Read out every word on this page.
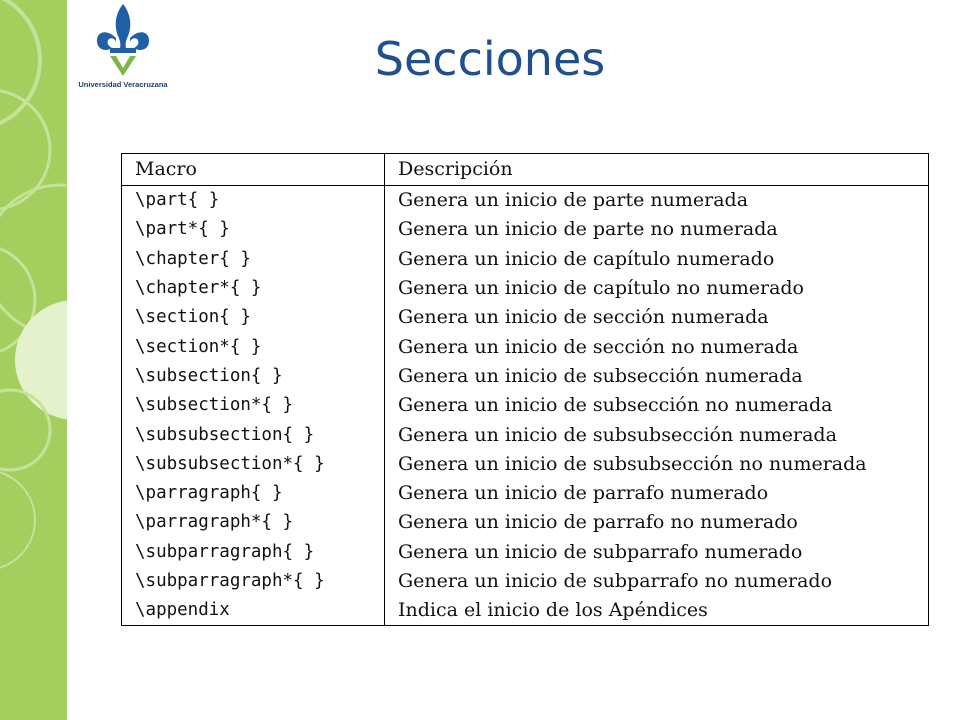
Universidad Veracruzana	Secciones
Macro	Descripción
\part{ }	Genera un inicio de parte numerada
\part*{ }	Genera un inicio de parte no numerada
\chapter{ }	Genera un inicio de capítulo numerado
\chapter*{ }	Genera un inicio de capítulo no numerado
\section{ }	Genera un inicio de sección numerada
\section*{ }	Genera un inicio de sección no numerada
\subsection{ }	Genera un inicio de subsección numerada
\subsection*{ }	Genera un inicio de subsección no numerada
\subsubsection{ }	Genera un inicio de subsubsección numerada
\subsubsection*{ }	Genera un inicio de subsubsección no numerada
\parragraph{ }	Genera un inicio de parrafo numerado
\parragraph*{ }	Genera un inicio de parrafo no numerado
\subparragraph{ }	Genera un inicio de subparrafo numerado
\subparragraph*{ }	Genera un inicio de subparrafo no numerado
\appendix	Indica el inicio de los Apéndices
